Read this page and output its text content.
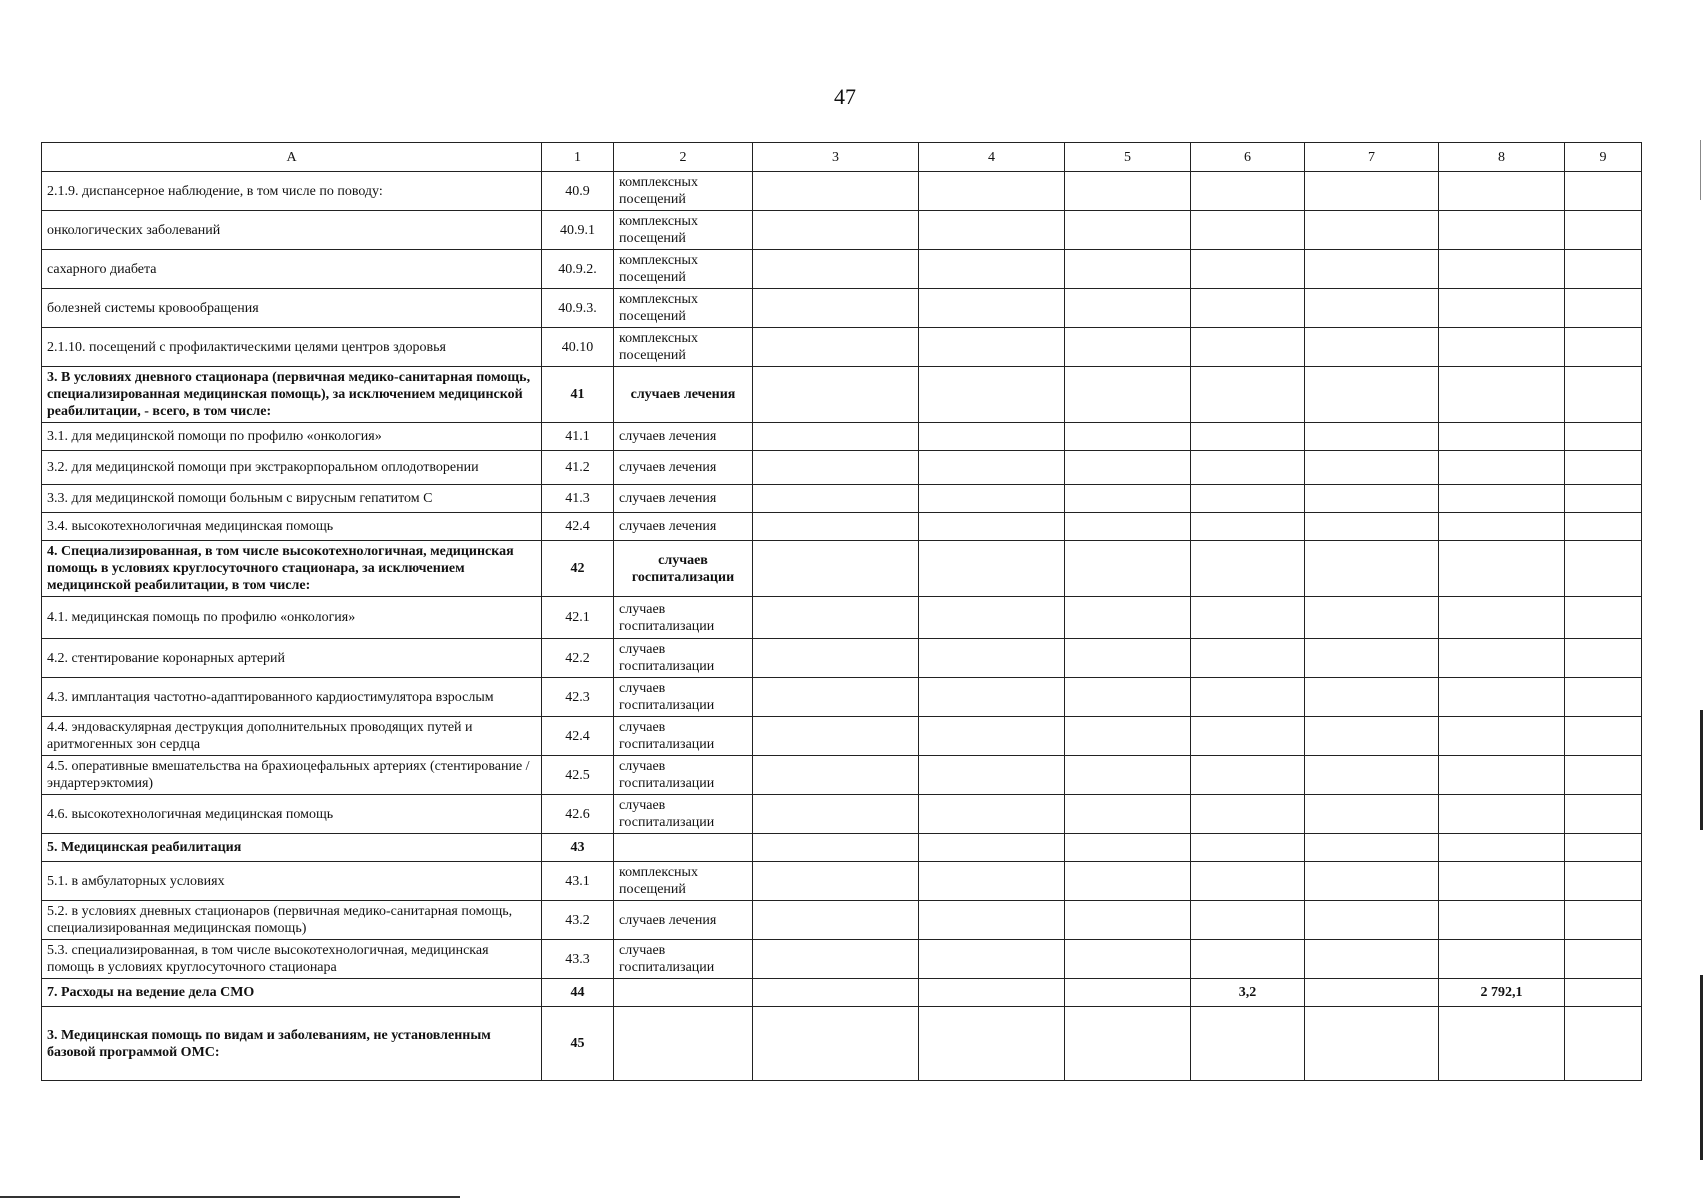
47
А	1	2	3	4	5	6	7	8	9
2.1.9. диспансерное наблюдение, в том числе по поводу:	40.9	комплексных посещений							
онкологических заболеваний	40.9.1	комплексных посещений							
сахарного диабета	40.9.2.	комплексных посещений							
болезней системы кровообращения	40.9.3.	комплексных посещений							
2.1.10. посещений с профилактическими целями центров здоровья	40.10	комплексных посещений							
3. В условиях дневного стационара (первичная медико-санитарная помощь, специализированная медицинская помощь), за исключением медицинской реабилитации, - всего, в том числе:	41	случаев лечения							
3.1. для медицинской помощи по профилю «онкология»	41.1	случаев лечения							
3.2. для медицинской помощи при экстракорпоральном оплодотворении	41.2	случаев лечения							
3.3. для медицинской помощи больным с вирусным гепатитом С	41.3	случаев лечения							
3.4. высокотехнологичная медицинская помощь	42.4	случаев лечения							
4. Специализированная, в том числе высокотехнологичная, медицинская помощь в условиях круглосуточного стационара, за исключением медицинской реабилитации, в том числе:	42	случаев госпитализации							
4.1. медицинская помощь по профилю «онкология»	42.1	случаев госпитализации							
4.2. стентирование коронарных артерий	42.2	случаев госпитализации							
4.3. имплантация частотно-адаптированного кардиостимулятора взрослым	42.3	случаев госпитализации							
4.4. эндоваскулярная деструкция дополнительных проводящих путей и аритмогенных зон сердца	42.4	случаев госпитализации							
4.5. оперативные вмешательства на брахиоцефальных артериях (стентирование / эндартерэктомия)	42.5	случаев госпитализации							
4.6. высокотехнологичная медицинская помощь	42.6	случаев госпитализации							
5. Медицинская реабилитация	43								
5.1. в амбулаторных условиях	43.1	комплексных посещений							
5.2. в условиях дневных стационаров (первичная медико-санитарная помощь, специализированная медицинская помощь)	43.2	случаев лечения							
5.3. специализированная, в том числе высокотехнологичная, медицинская помощь в условиях круглосуточного стационара	43.3	случаев госпитализации							
7. Расходы на ведение дела СМО	44					3,2		2 792,1	
3. Медицинская помощь по видам и заболеваниям, не установленным базовой программой ОМС:	45								
